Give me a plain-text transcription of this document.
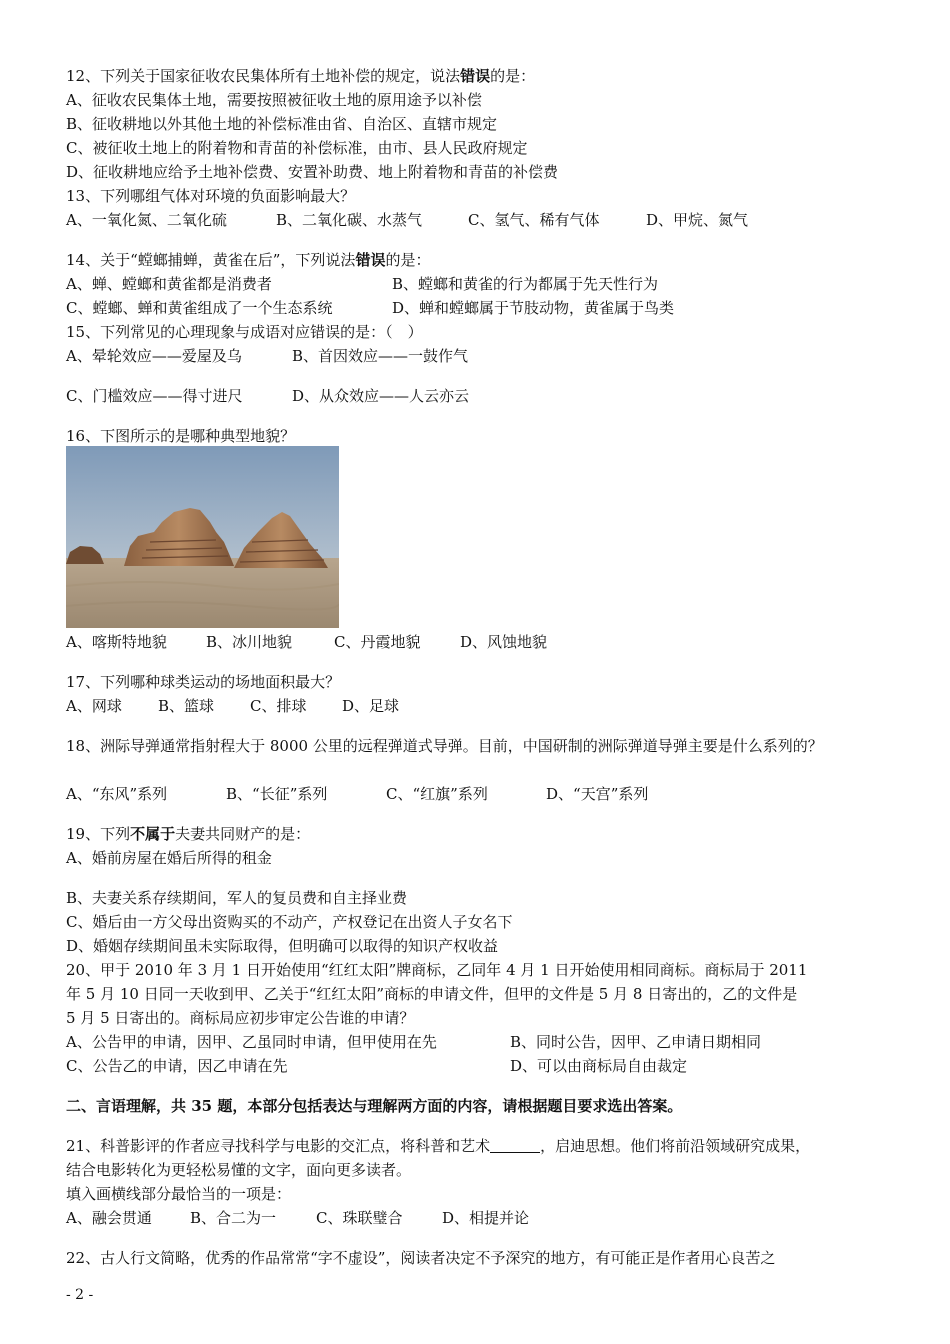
12、下列关于国家征收农民集体所有土地补偿的规定，说法错误的是：
A、征收农民集体土地，需要按照被征收土地的原用途予以补偿
B、征收耕地以外其他土地的补偿标准由省、自治区、直辖市规定
C、被征收土地上的附着物和青苗的补偿标准，由市、县人民政府规定
D、征收耕地应给予土地补偿费、安置补助费、地上附着物和青苗的补偿费
13、下列哪组气体对环境的负面影响最大？
A、一氧化氮、二氧化硫	B、二氧化碳、水蒸气	C、氢气、稀有气体	D、甲烷、氮气
14、关于“螳螂捕蝉，黄雀在后”，下列说法错误的是：
A、蝉、螳螂和黄雀都是消费者	B、螳螂和黄雀的行为都属于先天性行为
C、螳螂、蝉和黄雀组成了一个生态系统	D、蝉和螳螂属于节肢动物，黄雀属于鸟类
15、下列常见的心理现象与成语对应错误的是：（　）
A、晕轮效应——爱屋及乌	B、首因效应——一鼓作气
C、门槛效应——得寸进尺	D、从众效应——人云亦云
16、下图所示的是哪种典型地貌？
A、喀斯特地貌	B、冰川地貌	C、丹霞地貌	D、风蚀地貌
17、下列哪种球类运动的场地面积最大？
A、网球 B、篮球 C、排球 D、足球
18、洲际导弹通常指射程大于 8000 公里的远程弹道式导弹。目前，中国研制的洲际弹道导弹主要是什么系列的？
A、“东风”系列	B、“长征”系列	C、“红旗”系列	D、“天宫”系列
19、下列不属于夫妻共同财产的是：
A、婚前房屋在婚后所得的租金
B、夫妻关系存续期间，军人的复员费和自主择业费
C、婚后由一方父母出资购买的不动产，产权登记在出资人子女名下
D、婚姻存续期间虽未实际取得，但明确可以取得的知识产权收益
20、甲于 2010 年 3 月 1 日开始使用“红红太阳”牌商标，乙同年 4 月 1 日开始使用相同商标。商标局于 2011
年 5 月 10 日同一天收到甲、乙关于“红红太阳”商标的申请文件，但甲的文件是 5 月 8 日寄出的，乙的文件是
5 月 5 日寄出的。商标局应初步审定公告谁的申请？
A、公告甲的申请，因甲、乙虽同时申请，但甲使用在先	B、同时公告，因甲、乙申请日期相同
C、公告乙的申请，因乙申请在先	D、可以由商标局自由裁定
二、言语理解，共 35 题，本部分包括表达与理解两方面的内容，请根据题目要求选出答案。
21、科普影评的作者应寻找科学与电影的交汇点，将科普和艺术	，启迪思想。他们将前沿领域研究成果，
结合电影转化为更轻松易懂的文字，面向更多读者。
填入画横线部分最恰当的一项是：
A、融会贯通	B、合二为一	C、珠联璧合	D、相提并论
22、古人行文简略，优秀的作品常常“字不虚设”，阅读者决定不予深究的地方，有可能正是作者用心良苦之
- 2 -
